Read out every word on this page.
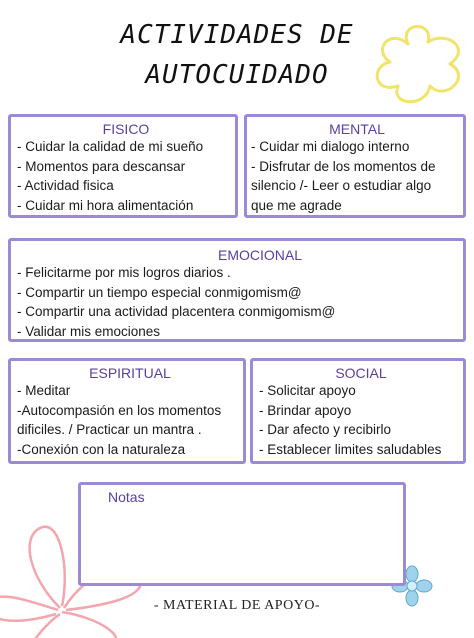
ACTIVIDADES DE
AUTOCUIDADO
FISICO
- Cuidar la calidad de mi sueño
- Momentos para descansar
- Actividad fisica
- Cuidar mi hora alimentación
MENTAL
- Cuidar mi dialogo interno
- Disfrutar de los momentos de
silencio /- Leer o estudiar algo
que me agrade
EMOCIONAL
- Felicitarme por mis logros diarios .
- Compartir un tiempo especial conmigomism@
- Compartir una actividad placentera conmigomism@
- Validar mis emociones
ESPIRITUAL
- Meditar
-Autocompasión en los momentos
dificiles. / Practicar un mantra .
-Conexión con la naturaleza
SOCIAL
- Solicitar apoyo
- Brindar apoyo
- Dar afecto y recibirlo
- Establecer limites saludables
Notas
- MATERIAL DE APOYO-
